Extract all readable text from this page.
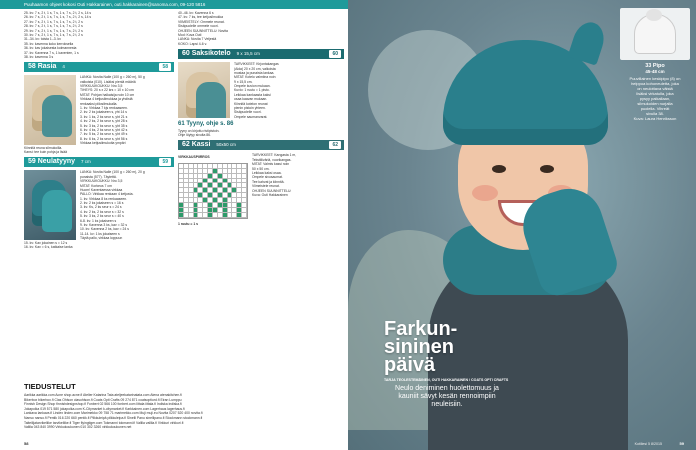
Puuhaamon ohjeet kokosi Outi Hakkarainen, outi.hakkarainen@sanoma.com, 09-120 5816

25. kv: 7 s, 2 t, 1 s, 7 s, 1 s, 7 s, 2 t, 2 s, 14 s

26. kv: 7 s, 2 t, 1 s, 7 s, 1 s, 7 s, 2 t, 2 s, 14 s

27. kv: 7 s, 2 t, 1 s, 7 s, 1 s, 7 s, 2 t, 2 s

28. kv: 7 s, 2 t, 1 s, 7 s, 1 s, 7 s, 2 t, 2 s

29. kv: 7 s, 2 t, 1 s, 7 s, 1 s, 7 s, 2 t, 2 s

30. kv: 7 s, 2 t, 1 s, 7 s, 1 s, 7 s, 2 t, 2 s

31.-34. kv: toista 1.-3. kv

35. kv: kavenna koko kerroksella

36. kv: kav jokaisesta kolmannesta

37. kv: Kavenna 7 s, 1 kaventen, 1 s

38. kv: kavenna 3 s

58 Rasia 4	58

LANKA: Novita Nalle (100 g = 260 m), 50 g

valkoista (010). Lisäksi pieniä määriä

VIRKKUUKOUKKU: Nro 3,5

TIHEYS: 20 s x 22 krs = 10 x 10 cm

MITAT: Pohjan halkaisija noin 10 cm

Virkkaa 4 ketjusilmukkaa ja yhdistä

renkaaksi piilosilmukalla.

1. kv: Virkkaa 7 kjs renkaaseen.

2. kv: 2 ks jokaiseen s, yht 14 s

3. kv: 1 ks, 2 ks seur s, yht 21 s

4. kv: 2 ks, 2 ks seur s, yht 28 s

5. kv: 3 ks, 2 ks seur s, yht 35 s

6. kv: 4 ks, 2 ks seur s, yht 42 s

7. kv: 5 ks, 2 ks seur s, yht 49 s

8. kv: 6 ks, 2 ks seur s, yht 56 s

Virkkaa ketjusilmukoita ympäri

Kiinnitä reuna silmukoilla.

Kansi: tee kuin pohja ja lisää

59 Neulatyyny 7 cm	59

LANKA: Novita Nalle (100 g = 260 m), 20 g

punaista (577). Täytettä.

VIRKKUUKOUKKU: Nro 3,5

MITAT: Korkeus 7 cm

Huom! Kaventaessa virkkaa

PALLO: Virkkaa renkaan 4 ketjusta.

1. kv: Virkkaa 8 ks renkaaseen.

2. kv: 2 ks jokaiseen s = 16 s

3. kv: Ks, 2 ks seur s = 24 s

4. kv: 2 ks, 2 ks seur s = 32 s

5. kv: 3 ks, 2 ks seur s = 40 s

6-8. kv: 1 ks jokaiseen s

9. kv: Kavenna 3 ks, kav = 32 s

10. kv: Kavenna 2 ks, kav = 24 s

11-14. kv: 1 ks jokaiseen s

Täytä pallo, virkkaa loppuun

15. kv: Kav jokainen s = 12 s

16. kv: Kav = 6 s, katkaise lanka

40.-46. kv: Kavenna 6 s

47. kv: 7 ks, tee ketjusilmukka

VIIMEISTELY: Ommele reunat.

Sisäpuolelle ommele vuori.

OHJEEN SUUNNITTELU: Novita

Mod: Kuva Outi

LANKA: Novita 7 Veljestä

KOKO: Lapsi 4-6 v.

60 Saksikotelo 9 x 15,5 cm	60

TARVIKKEET: Kirjontakangas

(Aida) 20 x 20 cm, valkoista

mustaa ja punaista lankaa.

MITAT: Kotelo valmiina noin

9 x 15,5 cm.

Ompele kuvion mukaan.

Kuvio: 1 ruutu = 1 pisto.

Leikkaa kankaasta kaksi

osaa kaavan mukaan.

Kiinnitä kotelon reunat

pienin pistoin yhteen.

Sisäpuolelle vuori.

Ompele saumanvarat.

61 Tyyny, ohje s. 86

Tyyny on kirjottu ristipistoin.

Ohje löytyy sivulta 86.

62 Kassi 50x50 cm	62
VIRKKAUSPIIRROS
1 ruutu = 1 s

TARVIKKEET: Kangasta 1 m,

Tekstiiliväriä, vuorikangas.

MITAT: Valmis kassi noin

50 x 50 cm.

Leikkaa kaksi osaa.

Ompele sivusaumat.

Tee kahvat ja kiinnitä.

Viimeistele reunat.

OHJEEN SUUNNITTELU:

Kuva: Outi Hakkarainen

TIEDUSTELUT

Aarikka aarikka.com Acne shop.acne.fi Atelier Katarina Tata ateljeekatarinatata.com Atena atenakitchen.fi

Bikerbox bikerbox.fi Clas Ohlson clasohlson.fi Coats Opti Crafts 09 274 871 coatsoptiurd.fi Eiran Lumppu

Finnish Design Shop finnishdesignshop.fi Fonbert 02 566 100 fonbert.com Iittala iittala.fi Indiska indiska.fi

Jokapoika 019 571 580 jokapoika.com K-Citymarket k-citymarket.fi Karkkainen.com Lagerhaus lagerhaus.fi

Lankava lankava.fi Lindex lindex.com Marimekko 09 758 71 marimekko.com Muji muji.eu Novita 0207 520 400 novita.fi

Nanso nanso.fi Pentik 016 220 660 pentik.fi Pilkkuleipä pilkkuleipa.fi Sinelli Panu sinellipanu.fi Stockmann stockmann.fi

Taiteilijatarvikeliike tarvikeliike.fi Tiger flyingtiger.com Tokmanni tokmanni.fi Vallila vallila.fi Virkkuri virkkuri.fi

Vallila 043 840 3990 Virkkukoukunen 010 302 3260 virkkukoukunen.net

58
33 Pipo
45-48 cm

Puuvillainen keskipipo (8) on

helppoa kohoneuletta, joka

on neulottava väistä

lisäksi virkatulla, joka

pysyy paikallaan,

silmukoiden nurjalla

puolella. Vihreät

sivulla 38.

Kuva: Laura Henriksson

Farkun-
sininen
päivä
TARJA TEOLESTEMÄINEN, OUTI HAKKARAINEN / COATS OPTI CRAFTS
Neulo deniminen huolettomuus ja kauniit sävyt kesän rennoimpiin neuleisiin.
Kotiliesi 5 8/2015	59
